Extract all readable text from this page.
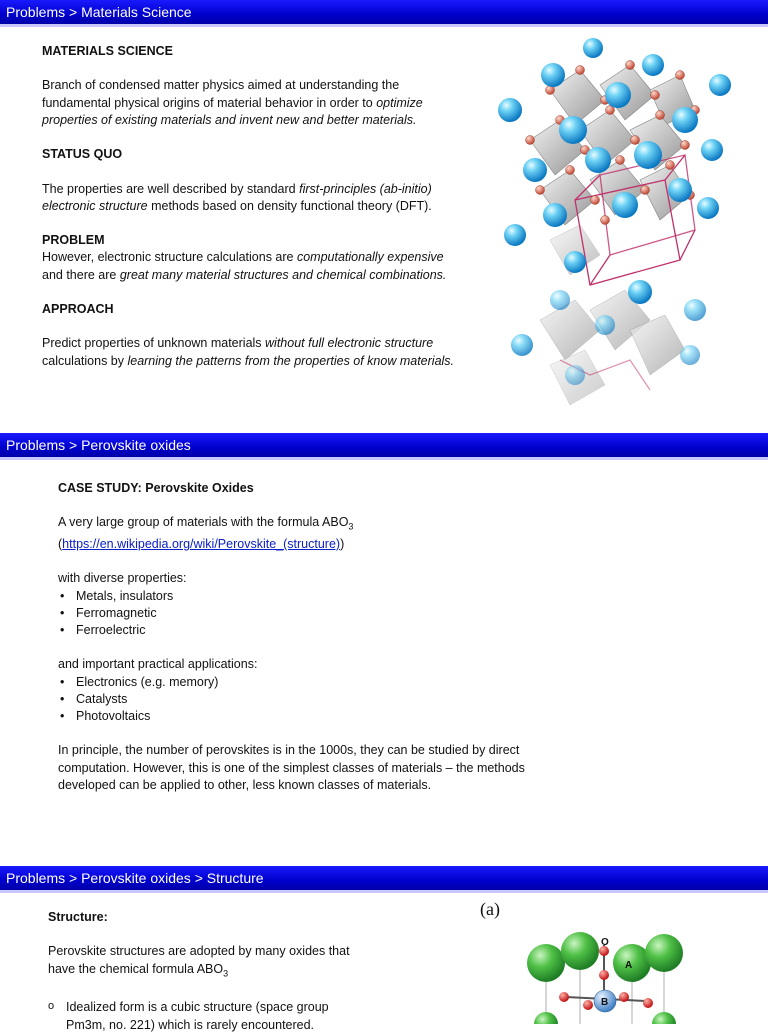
Problems > Materials Science

MATERIALS SCIENCE

Branch of condensed matter physics aimed at understanding the fundamental physical origins of material behavior in order to optimize properties of existing materials and invent new and better materials.

STATUS QUO

The properties are well described by standard first-principles (ab-initio) electronic structure methods based on density functional theory (DFT).

PROBLEM

However, electronic structure calculations are computationally expensive and there are great many material structures and chemical combinations.

APPROACH

Predict properties of unknown materials without full electronic structure calculations by learning the patterns from the properties of know materials.

Problems > Perovskite oxides

CASE STUDY: Perovskite Oxides

A very large group of materials with the formula $ABO_3$

(https://en.wikipedia.org/wiki/Perovskite_(structure))

with diverse properties:

• Metals, insulators
• Ferromagnetic
• Ferroelectric

and important practical applications:

• Electronics (e.g. memory)
• Catalysts
• Photovoltaics

In principle, the number of perovskites is in the 1000s, they can be studied by direct computation. However, this is one of the simplest classes of materials – the methods developed can be applied to other, less known classes of materials.

Problems > Perovskite oxides > Structure

Structure:

Perovskite structures are adopted by many oxides that have the chemical formula $ABO_3$

o Idealized form is a cubic structure (space group Pm3m, no. 221) which is rarely encountered.
(a)
O
A
B
